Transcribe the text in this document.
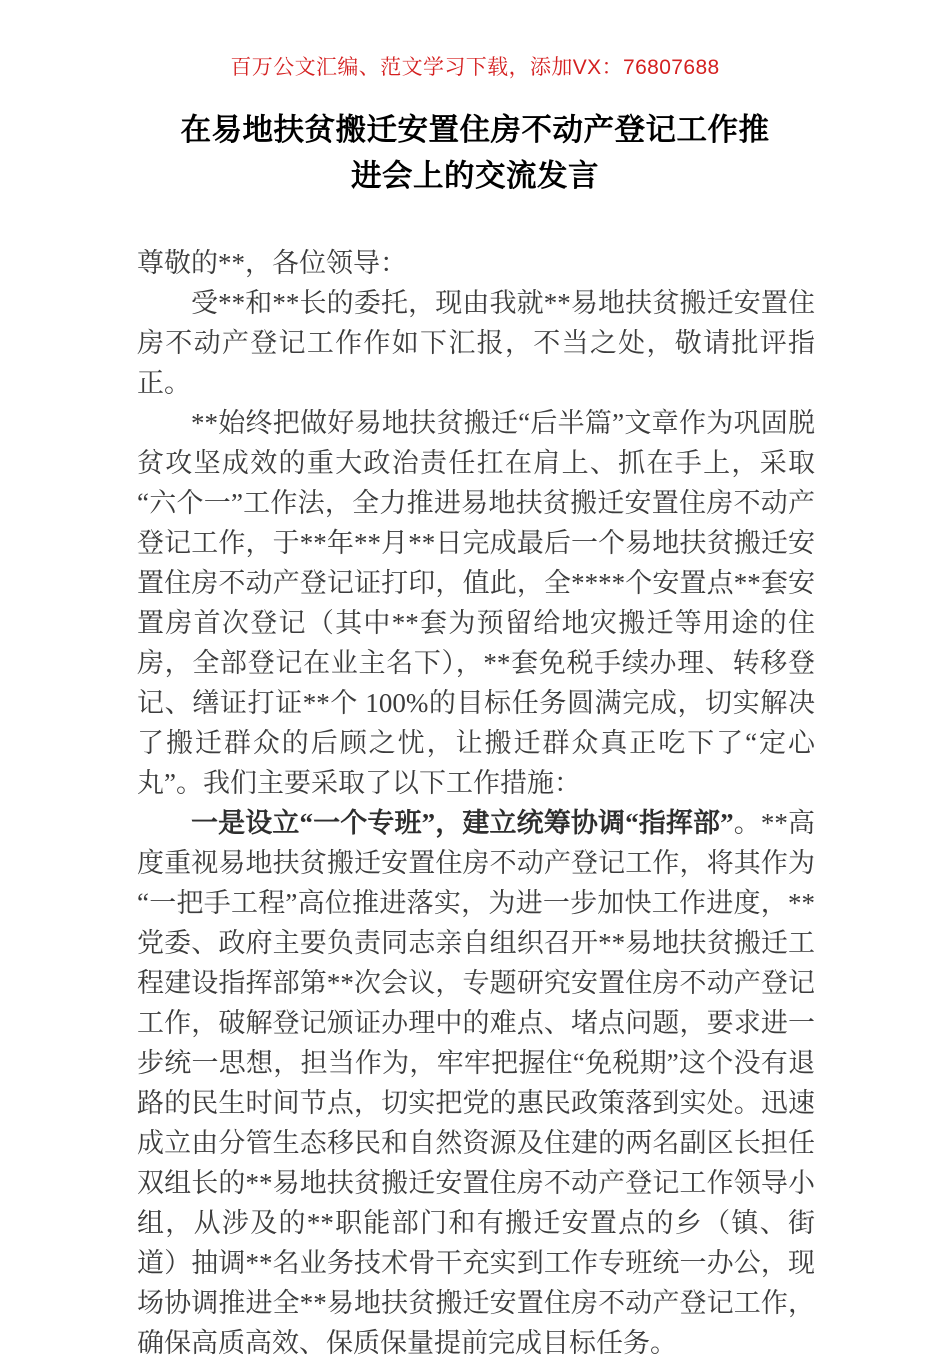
百万公文汇编、范文学习下载，添加VX：76807688
在易地扶贫搬迁安置住房不动产登记工作推
进会上的交流发言

尊敬的**，各位领导：

受**和**长的委托，现由我就**易地扶贫搬迁安置住房不动产登记工作作如下汇报，不当之处，敬请批评指正。

**始终把做好易地扶贫搬迁“后半篇”文章作为巩固脱贫攻坚成效的重大政治责任扛在肩上、抓在手上，采取“六个一”工作法，全力推进易地扶贫搬迁安置住房不动产登记工作，于**年**月**日完成最后一个易地扶贫搬迁安置住房不动产登记证打印，值此，全****个安置点**套安置房首次登记（其中**套为预留给地灾搬迁等用途的住房，全部登记在业主名下），**套免税手续办理、转移登记、缮证打证**个 100%的目标任务圆满完成，切实解决了搬迁群众的后顾之忧，让搬迁群众真正吃下了“定心丸”。我们主要采取了以下工作措施：

一是设立“一个专班”，建立统筹协调“指挥部”。**高度重视易地扶贫搬迁安置住房不动产登记工作，将其作为“一把手工程”高位推进落实，为进一步加快工作进度，**党委、政府主要负责同志亲自组织召开**易地扶贫搬迁工程建设指挥部第**次会议，专题研究安置住房不动产登记工作，破解登记颁证办理中的难点、堵点问题，要求进一步统一思想，担当作为，牢牢把握住“免税期”这个没有退路的民生时间节点，切实把党的惠民政策落到实处。迅速成立由分管生态移民和自然资源及住建的两名副区长担任双组长的**易地扶贫搬迁安置住房不动产登记工作领导小组，从涉及的**职能部门和有搬迁安置点的乡（镇、街道）抽调**名业务技术骨干充实到工作专班统一办公，现场协调推进全**易地扶贫搬迁安置住房不动产登记工作，确保高质高效、保质保量提前完成目标任务。
